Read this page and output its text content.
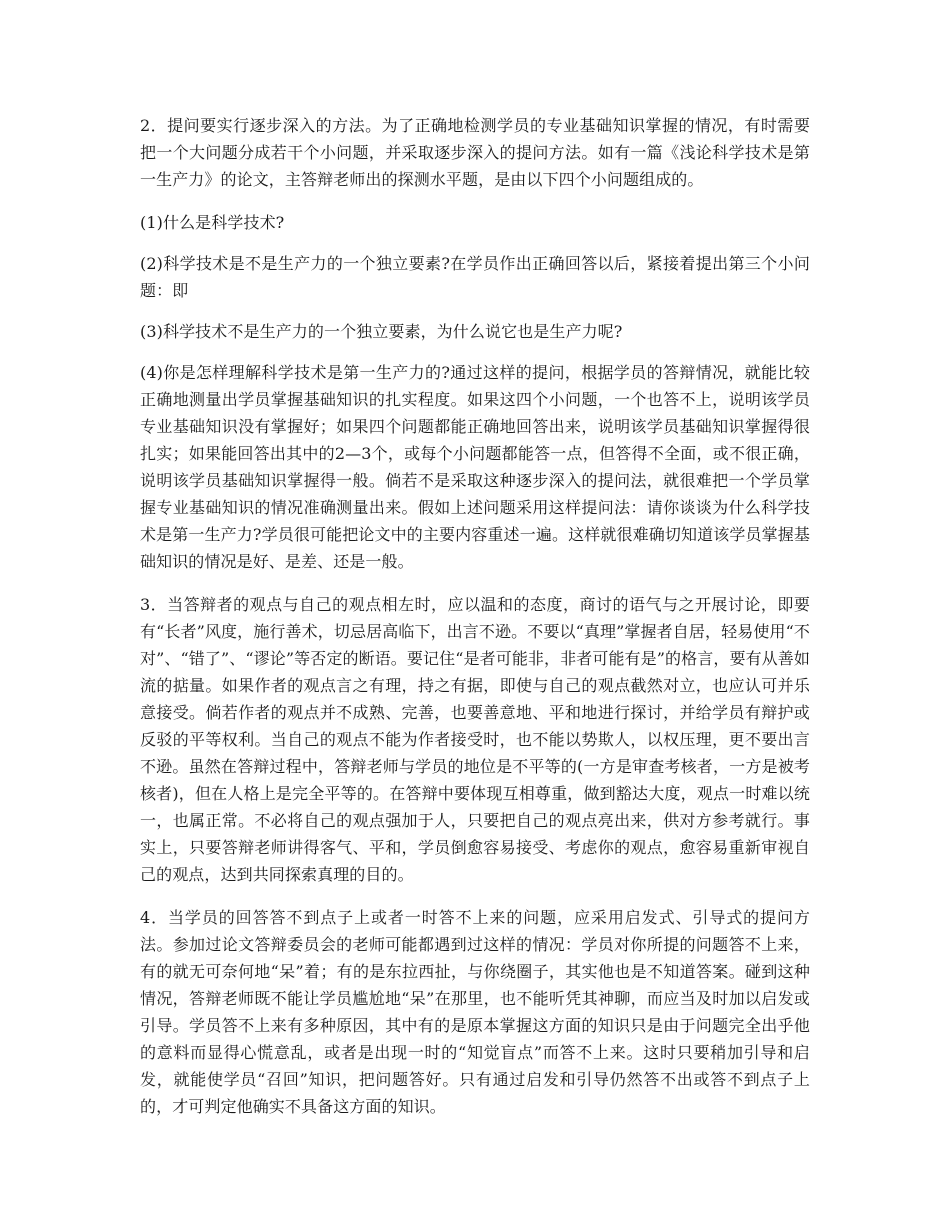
2．提问要实行逐步深入的方法。为了正确地检测学员的专业基础知识掌握的情况，有时需要把一个大问题分成若干个小问题，并采取逐步深入的提问方法。如有一篇《浅论科学技术是第一生产力》的论文，主答辩老师出的探测水平题，是由以下四个小问题组成的。

(1)什么是科学技术?

(2)科学技术是不是生产力的一个独立要素?在学员作出正确回答以后，紧接着提出第三个小问题：即

(3)科学技术不是生产力的一个独立要素，为什么说它也是生产力呢?

(4)你是怎样理解科学技术是第一生产力的?通过这样的提问，根据学员的答辩情况，就能比较正确地测量出学员掌握基础知识的扎实程度。如果这四个小问题，一个也答不上，说明该学员专业基础知识没有掌握好；如果四个问题都能正确地回答出来，说明该学员基础知识掌握得很扎实；如果能回答出其中的2—3个，或每个小问题都能答一点，但答得不全面，或不很正确，说明该学员基础知识掌握得一般。倘若不是采取这种逐步深入的提问法，就很难把一个学员掌握专业基础知识的情况准确测量出来。假如上述问题采用这样提问法：请你谈谈为什么科学技术是第一生产力?学员很可能把论文中的主要内容重述一遍。这样就很难确切知道该学员掌握基础知识的情况是好、是差、还是一般。

3．当答辩者的观点与自己的观点相左时，应以温和的态度，商讨的语气与之开展讨论，即要有“长者”风度，施行善术，切忌居高临下，出言不逊。不要以“真理”掌握者自居，轻易使用“不对”、“错了”、“谬论”等否定的断语。要记住“是者可能非，非者可能有是”的格言，要有从善如流的掂量。如果作者的观点言之有理，持之有据，即使与自己的观点截然对立，也应认可并乐意接受。倘若作者的观点并不成熟、完善，也要善意地、平和地进行探讨，并给学员有辩护或反驳的平等权利。当自己的观点不能为作者接受时，也不能以势欺人，以权压理，更不要出言不逊。虽然在答辩过程中，答辩老师与学员的地位是不平等的(一方是审查考核者，一方是被考核者)，但在人格上是完全平等的。在答辩中要体现互相尊重，做到豁达大度，观点一时难以统一，也属正常。不必将自己的观点强加于人，只要把自己的观点亮出来，供对方参考就行。事实上，只要答辩老师讲得客气、平和，学员倒愈容易接受、考虑你的观点，愈容易重新审视自己的观点，达到共同探索真理的目的。

4．当学员的回答答不到点子上或者一时答不上来的问题，应采用启发式、引导式的提问方法。参加过论文答辩委员会的老师可能都遇到过这样的情况：学员对你所提的问题答不上来，有的就无可奈何地“呆”着；有的是东拉西扯，与你绕圈子，其实他也是不知道答案。碰到这种情况，答辩老师既不能让学员尴尬地“呆”在那里，也不能听凭其神聊，而应当及时加以启发或引导。学员答不上来有多种原因，其中有的是原本掌握这方面的知识只是由于问题完全出乎他的意料而显得心慌意乱，或者是出现一时的“知觉盲点”而答不上来。这时只要稍加引导和启发，就能使学员“召回”知识，把问题答好。只有通过启发和引导仍然答不出或答不到点子上的，才可判定他确实不具备这方面的知识。
